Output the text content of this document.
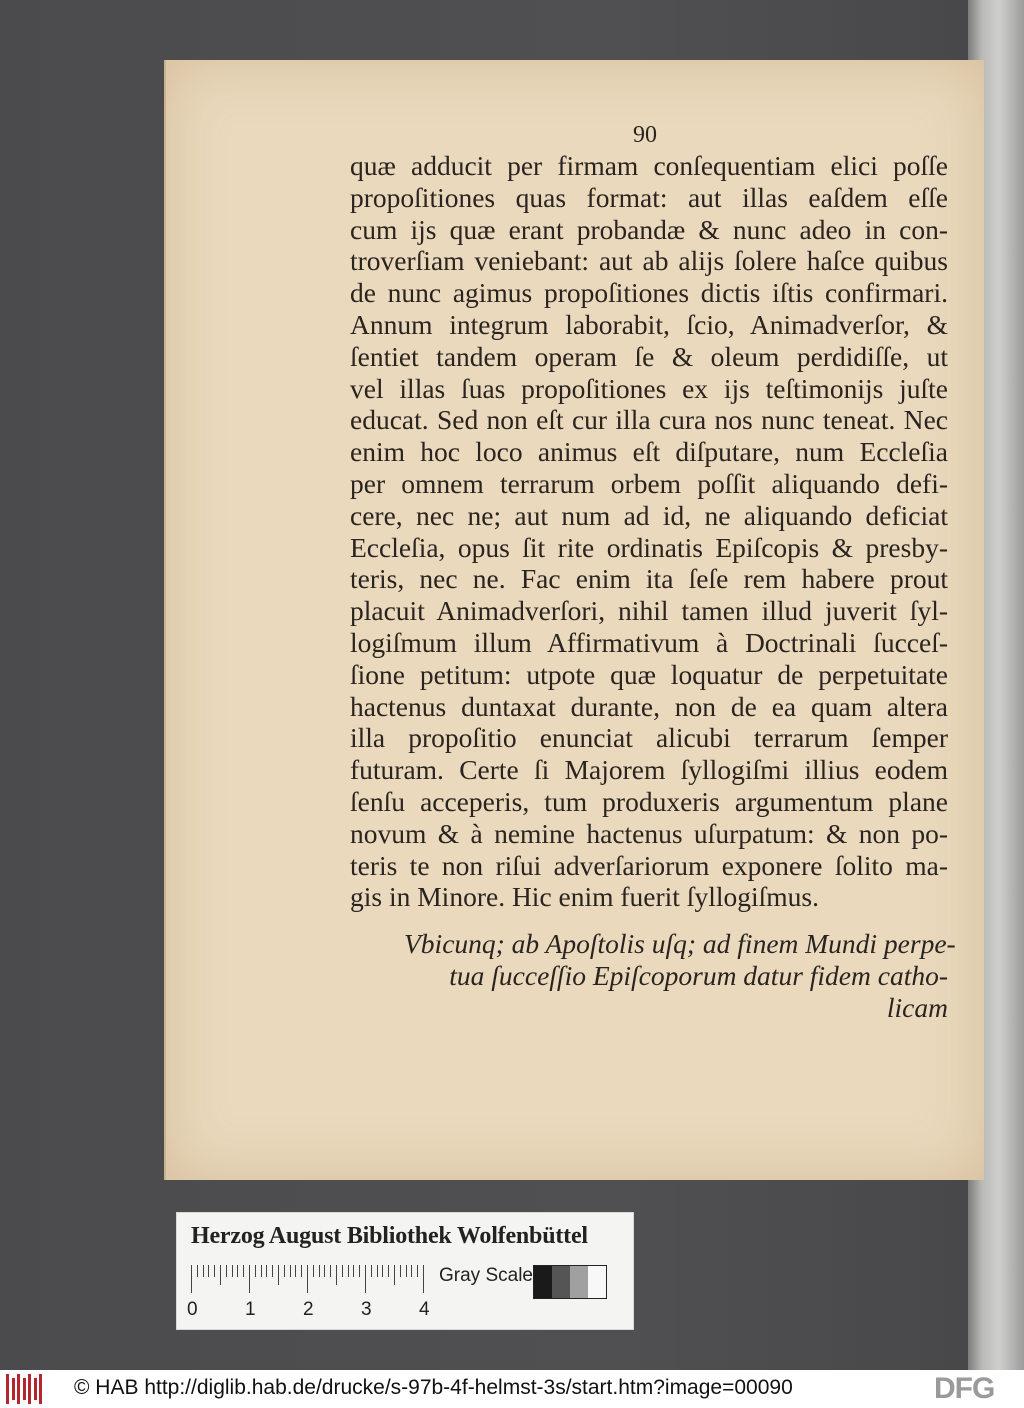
90
quæ adducit per firmam conſequentiam elici poſſe
propoſitiones quas format: aut illas eaſdem eſſe
cum ijs quæ erant probandæ & nunc adeo in con-
troverſiam veniebant: aut ab alijs ſolere haſce quibus
de nunc agimus propoſitiones dictis iſtis confirmari.
Annum integrum laborabit, ſcio, Animadverſor, &
ſentiet tandem operam ſe & oleum perdidiſſe, ut
vel illas ſuas propoſitiones ex ijs teſtimonijs juſte
educat. Sed non eſt cur illa cura nos nunc teneat. Nec
enim hoc loco animus eſt diſputare, num Eccleſia
per omnem terrarum orbem poſſit aliquando defi-
cere, nec ne; aut num ad id, ne aliquando deficiat
Eccleſia, opus ſit rite ordinatis Epiſcopis & presby-
teris, nec ne. Fac enim ita ſeſe rem habere prout
placuit Animadverſori, nihil tamen illud juverit ſyl-
logiſmum illum Affirmativum à Doctrinali ſucceſ-
ſione petitum: utpote quæ loquatur de perpetuitate
hactenus duntaxat durante, non de ea quam altera
illa propoſitio enunciat alicubi terrarum ſemper
futuram. Certe ſi Majorem ſyllogiſmi illius eodem
ſenſu acceperis, tum produxeris argumentum plane
novum & à nemine hactenus uſurpatum: & non po-
teris te non riſui adverſariorum exponere ſolito ma-
gis in Minore. Hic enim fuerit ſyllogiſmus.
Vbicunq; ab Apoſtolis uſq; ad finem Mundi perpe-
tua ſucceſſio Epiſcoporum datur fidem catho-
licam
Herzog August Bibliothek Wolfenbüttel
0 1 2 3 4
Gray Scale
© HAB http://diglib.hab.de/drucke/s-97b-4f-helmst-3s/start.htm?image=00090	DFG
